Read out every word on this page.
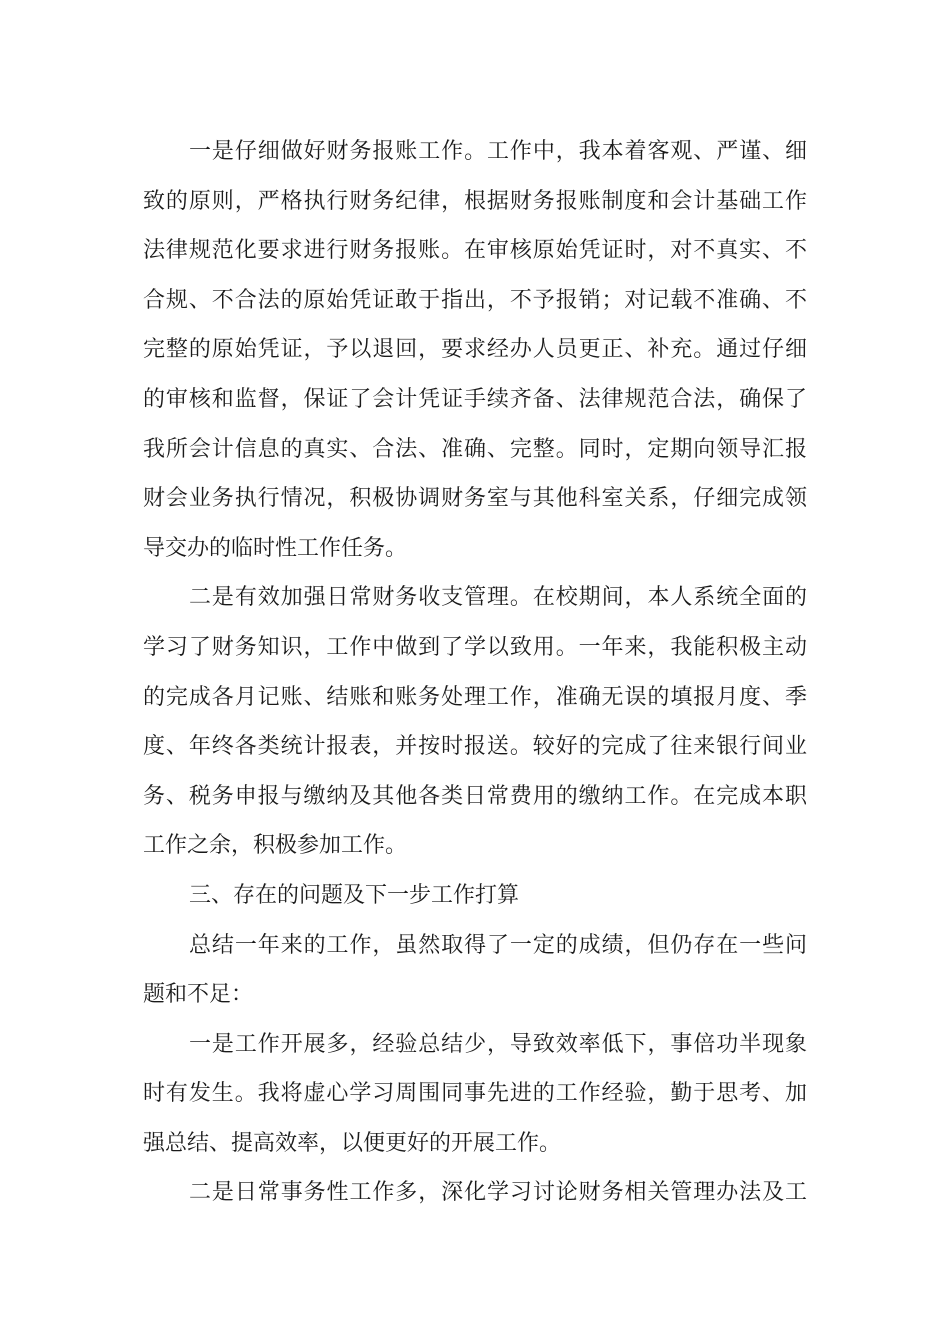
一是仔细做好财务报账工作。工作中，我本着客观、严谨、细
致的原则，严格执行财务纪律，根据财务报账制度和会计基础工作
法律规范化要求进行财务报账。在审核原始凭证时，对不真实、不
合规、不合法的原始凭证敢于指出，不予报销；对记载不准确、不
完整的原始凭证，予以退回，要求经办人员更正、补充。通过仔细
的审核和监督，保证了会计凭证手续齐备、法律规范合法，确保了
我所会计信息的真实、合法、准确、完整。同时，定期向领导汇报
财会业务执行情况，积极协调财务室与其他科室关系，仔细完成领
导交办的临时性工作任务。
二是有效加强日常财务收支管理。在校期间，本人系统全面的
学习了财务知识，工作中做到了学以致用。一年来，我能积极主动
的完成各月记账、结账和账务处理工作，准确无误的填报月度、季
度、年终各类统计报表，并按时报送。较好的完成了往来银行间业
务、税务申报与缴纳及其他各类日常费用的缴纳工作。在完成本职
工作之余，积极参加工作。
三、存在的问题及下一步工作打算
总结一年来的工作，虽然取得了一定的成绩，但仍存在一些问
题和不足：
一是工作开展多，经验总结少，导致效率低下，事倍功半现象
时有发生。我将虚心学习周围同事先进的工作经验，勤于思考、加
强总结、提高效率，以便更好的开展工作。
二是日常事务性工作多，深化学习讨论财务相关管理办法及工
